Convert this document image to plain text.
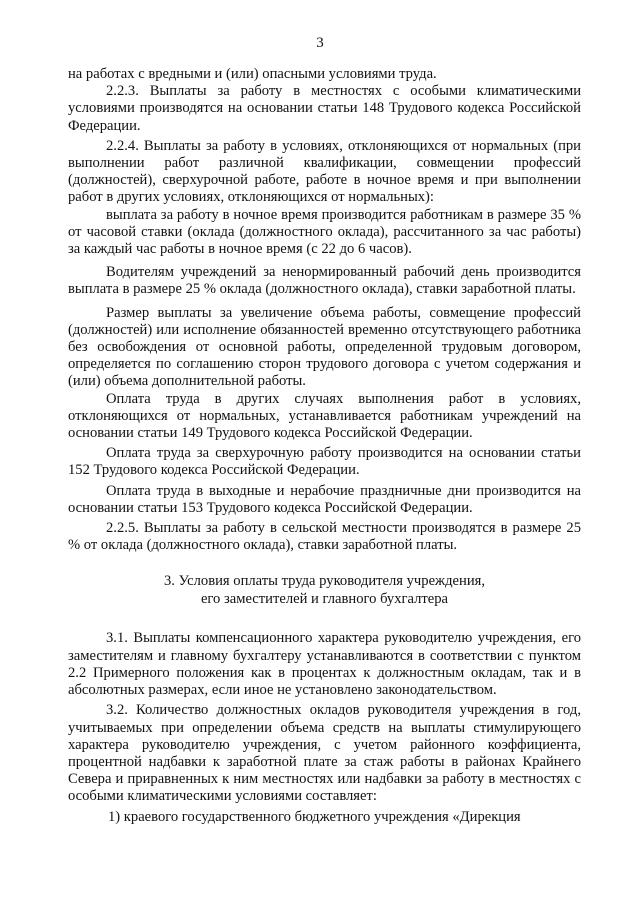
3

на работах с вредными и (или) опасными условиями труда.

2.2.3. Выплаты за работу в местностях с особыми климатическими условиями производятся на основании статьи 148 Трудового кодекса Российской Федерации.

2.2.4. Выплаты за работу в условиях, отклоняющихся от нормальных (при выполнении работ различной квалификации, совмещении профессий (должностей), сверхурочной работе, работе в ночное время и при выполнении работ в других условиях, отклоняющихся от нормальных):

выплата за работу в ночное время производится работникам в размере 35 % от часовой ставки (оклада (должностного оклада), рассчитанного за час работы) за каждый час работы в ночное время (с 22 до 6 часов).

Водителям учреждений за ненормированный рабочий день производится выплата в размере 25 % оклада (должностного оклада), ставки заработной платы.

Размер выплаты за увеличение объема работы, совмещение профессий (должностей) или исполнение обязанностей временно отсутствующего работника без освобождения от основной работы, определенной трудовым договором, определяется по соглашению сторон трудового договора с учетом содержания и (или) объема дополнительной работы.

Оплата труда в других случаях выполнения работ в условиях, отклоняющихся от нормальных, устанавливается работникам учреждений на основании статьи 149 Трудового кодекса Российской Федерации.

Оплата труда за сверхурочную работу производится на основании статьи 152 Трудового кодекса Российской Федерации.

Оплата труда в выходные и нерабочие праздничные дни производится на основании статьи 153 Трудового кодекса Российской Федерации.

2.2.5. Выплаты за работу в сельской местности производятся в размере 25 % от оклада (должностного оклада), ставки заработной платы.

3. Условия оплаты труда руководителя учреждения,
его заместителей и главного бухгалтера

3.1. Выплаты компенсационного характера руководителю учреждения, его заместителям и главному бухгалтеру устанавливаются в соответствии с пунктом 2.2 Примерного положения как в процентах к должностным окладам, так и в абсолютных размерах, если иное не установлено законодательством.

3.2. Количество должностных окладов руководителя учреждения в год, учитываемых при определении объема средств на выплаты стимулирующего характера руководителю учреждения, с учетом районного коэффициента, процентной надбавки к заработной плате за стаж работы в районах Крайнего Севера и приравненных к ним местностях или надбавки за работу в местностях с особыми климатическими условиями составляет:

1) краевого государственного бюджетного учреждения «Дирекция
